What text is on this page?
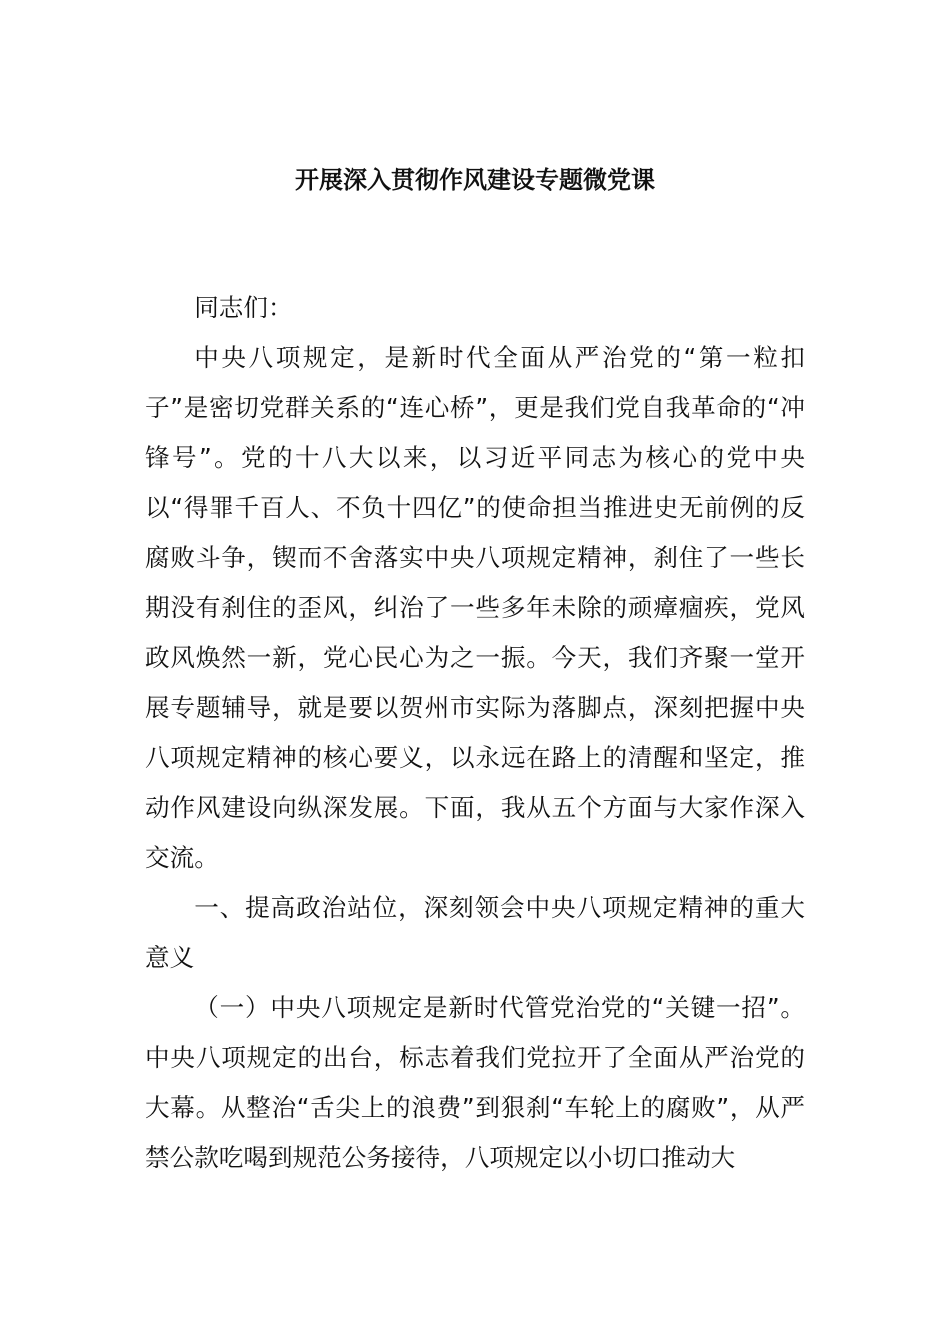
开展深入贯彻作风建设专题微党课

同志们：

中央八项规定，是新时代全面从严治党的“第一粒扣子”是密切党群关系的“连心桥”，更是我们党自我革命的“冲锋号”。党的十八大以来，以习近平同志为核心的党中央以“得罪千百人、不负十四亿”的使命担当推进史无前例的反腐败斗争，锲而不舍落实中央八项规定精神，刹住了一些长期没有刹住的歪风，纠治了一些多年未除的顽瘴痼疾，党风政风焕然一新，党心民心为之一振。今天，我们齐聚一堂开展专题辅导，就是要以贺州市实际为落脚点，深刻把握中央八项规定精神的核心要义，以永远在路上的清醒和坚定，推动作风建设向纵深发展。下面，我从五个方面与大家作深入交流。

一、提高政治站位，深刻领会中央八项规定精神的重大意义

（一）中央八项规定是新时代管党治党的“关键一招”。中央八项规定的出台，标志着我们党拉开了全面从严治党的大幕。从整治“舌尖上的浪费”到狠刹“车轮上的腐败”，从严禁公款吃喝到规范公务接待，八项规定以小切口推动大
